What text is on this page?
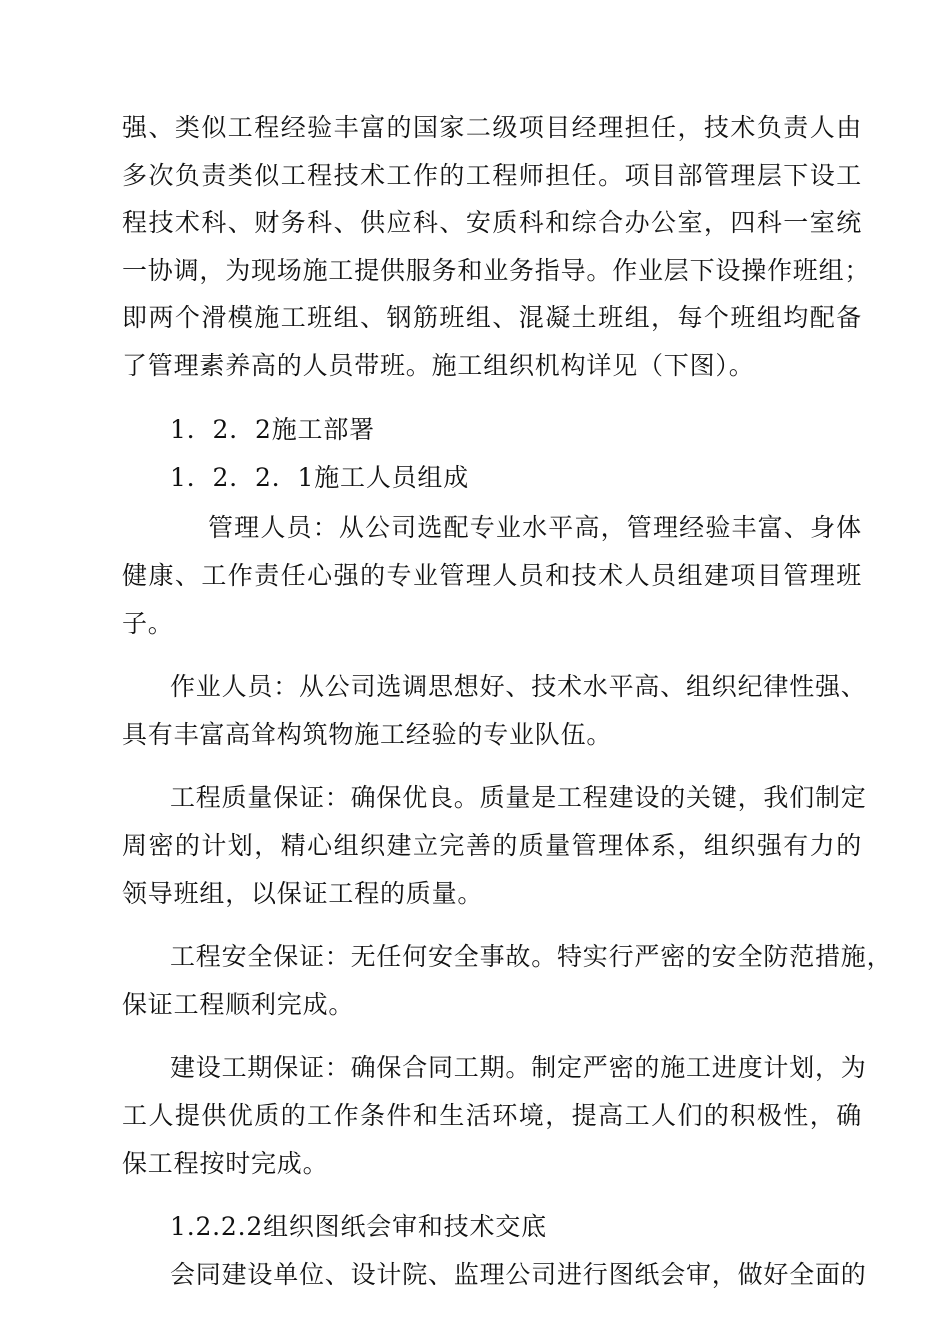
强、类似工程经验丰富的国家二级项目经理担任，技术负责人由
多次负责类似工程技术工作的工程师担任。项目部管理层下设工
程技术科、财务科、供应科、安质科和综合办公室，四科一室统
一协调，为现场施工提供服务和业务指导。作业层下设操作班组；
即两个滑模施工班组、钢筋班组、混凝土班组，每个班组均配备
了管理素养高的人员带班。施工组织机构详见（下图）。
1．2．2施工部署
1．2．2．1施工人员组成
管理人员：从公司选配专业水平高，管理经验丰富、身体
健康、工作责任心强的专业管理人员和技术人员组建项目管理班
子。
作业人员：从公司选调思想好、技术水平高、组织纪律性强、
具有丰富高耸构筑物施工经验的专业队伍。
工程质量保证：确保优良。质量是工程建设的关键，我们制定
周密的计划，精心组织建立完善的质量管理体系，组织强有力的
领导班组，以保证工程的质量。
工程安全保证：无任何安全事故。特实行严密的安全防范措施，
保证工程顺利完成。
建设工期保证：确保合同工期。制定严密的施工进度计划，为
工人提供优质的工作条件和生活环境，提高工人们的积极性，确
保工程按时完成。
1.2.2.2组织图纸会审和技术交底
会同建设单位、设计院、监理公司进行图纸会审，做好全面的
